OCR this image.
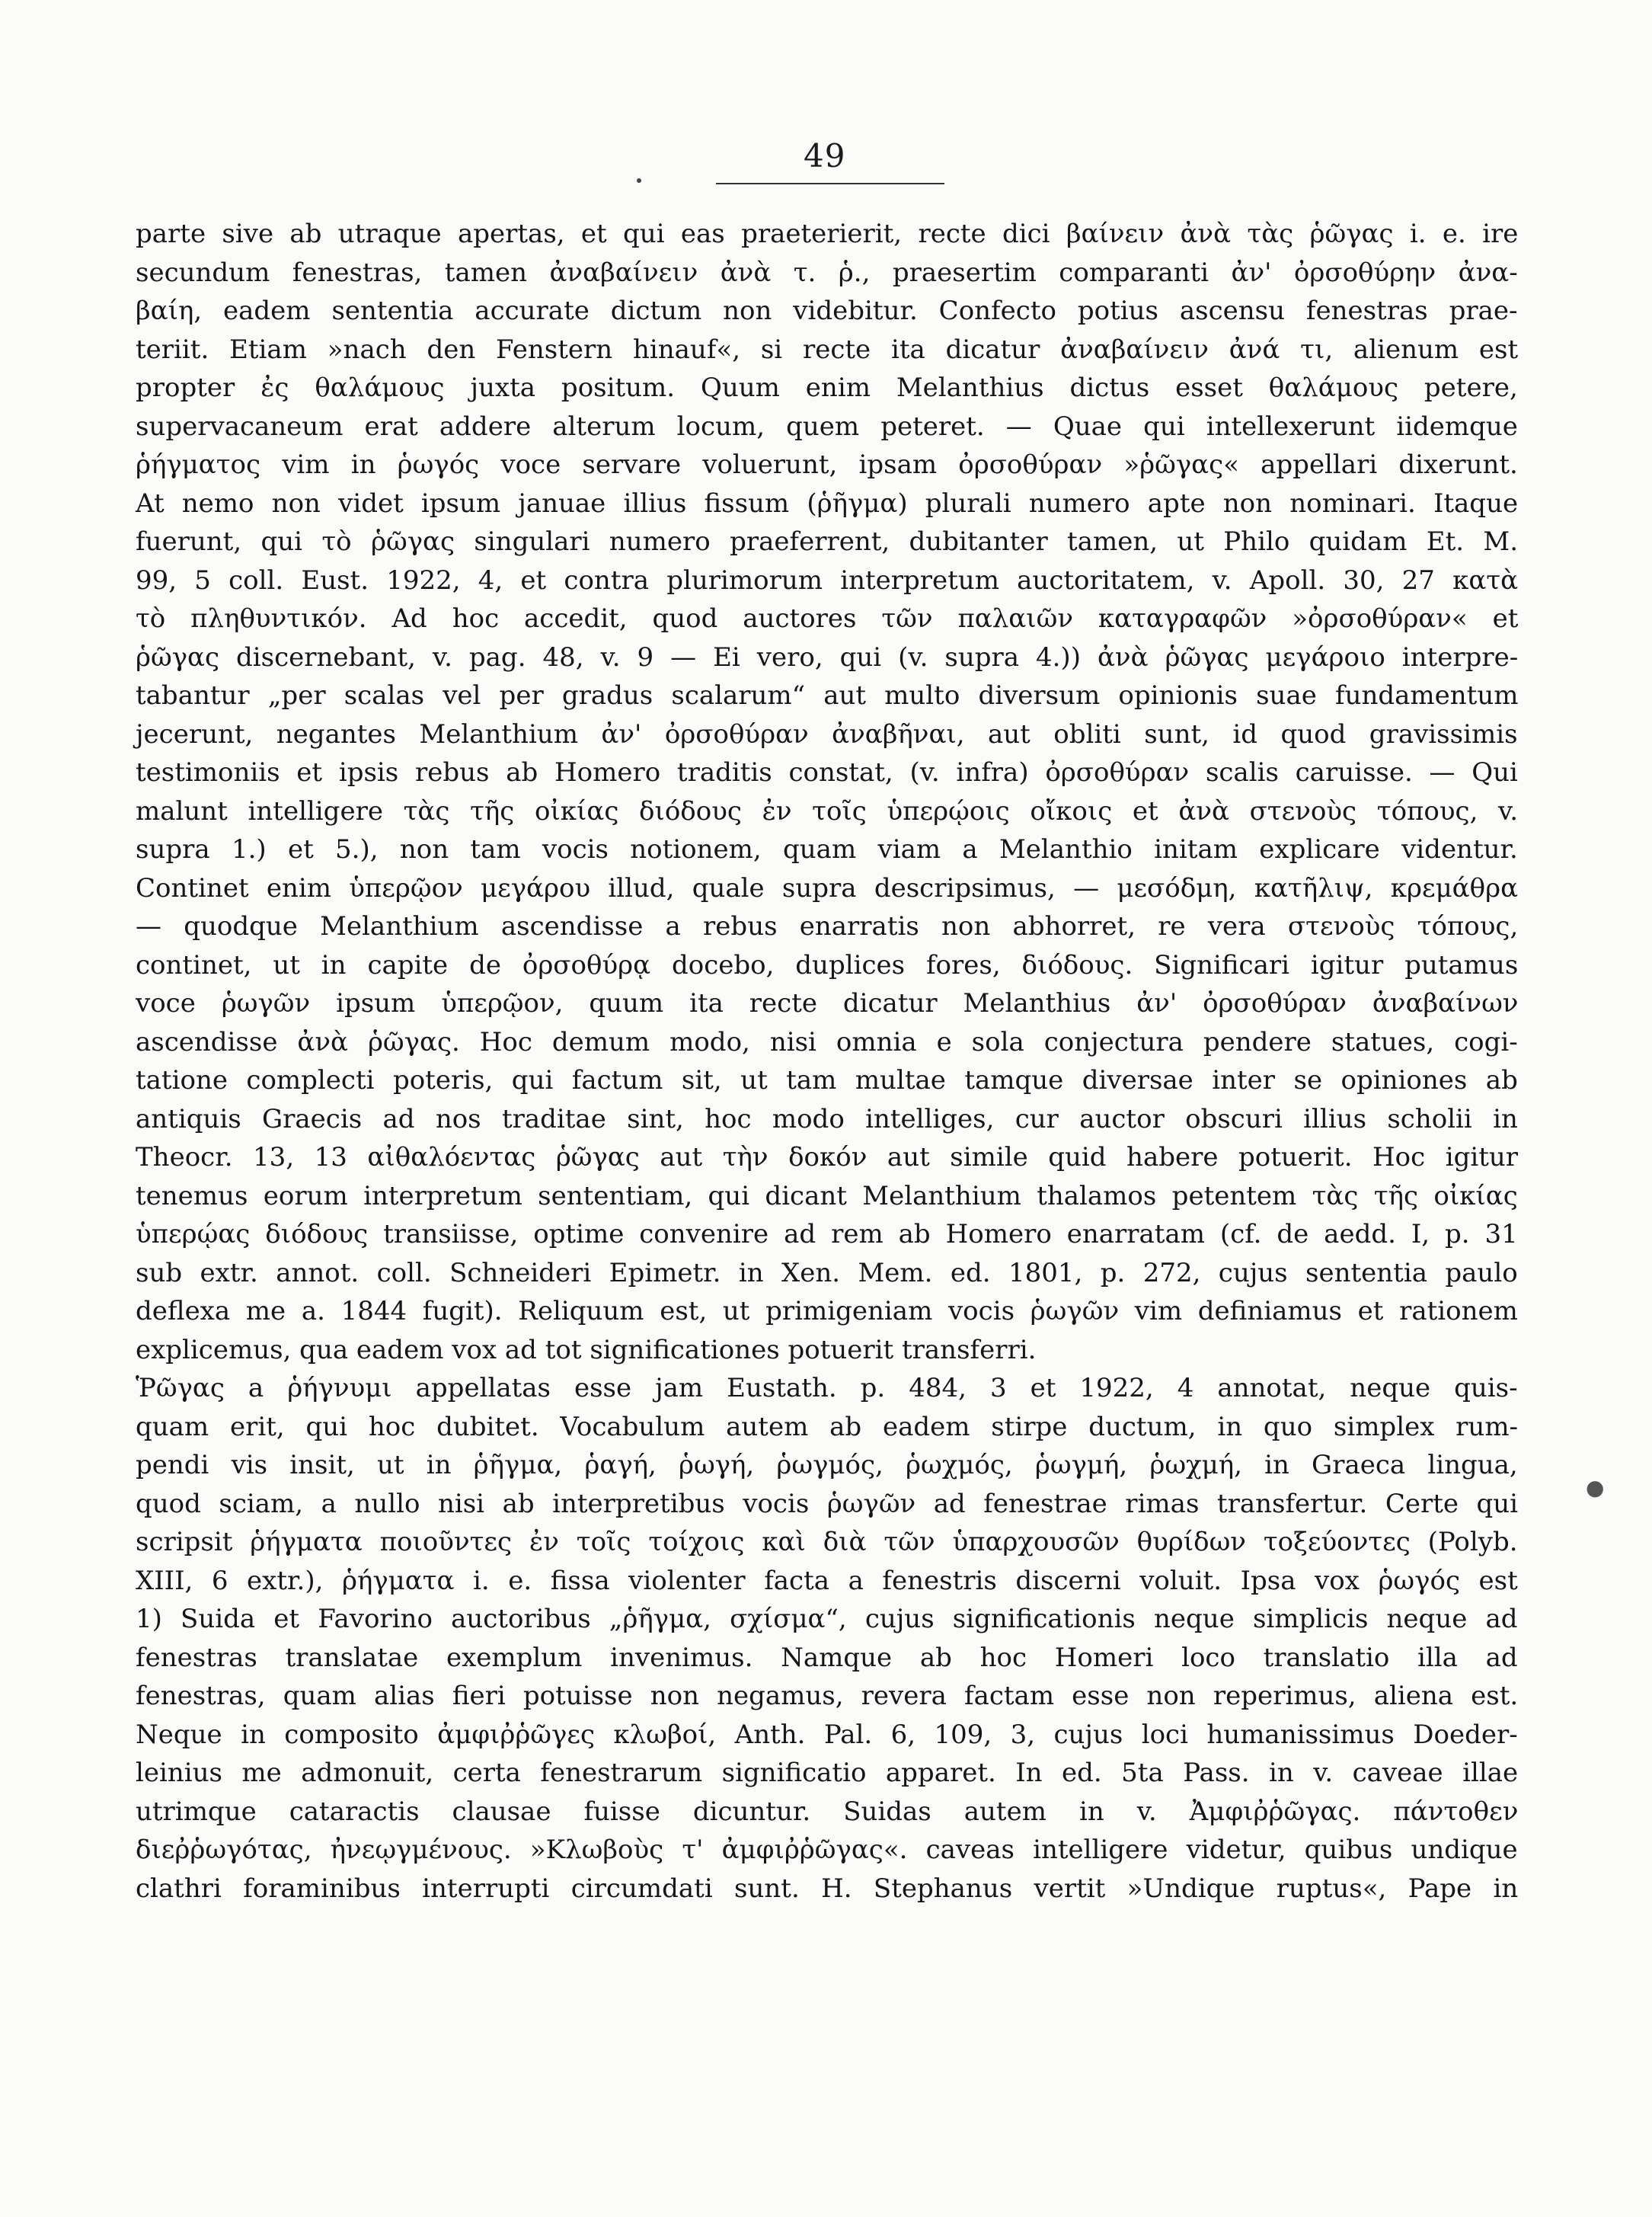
49
parte sive ab utraque apertas, et qui eas praeterierit, recte dici βαίνειν ἀνὰ τὰς ῥῶγας i. e. ire
secundum fenestras, tamen ἀναβαίνειν ἀνὰ τ. ῥ., praesertim comparanti ἀν' ὀρσοθύρην ἀνα-
βαίη, eadem sententia accurate dictum non videbitur. Confecto potius ascensu fenestras prae-
teriit. Etiam »nach den Fenstern hinauf«, si recte ita dicatur ἀναβαίνειν ἀνά τι, alienum est
propter ἐς θαλάμους juxta positum. Quum enim Melanthius dictus esset θαλάμους petere,
supervacaneum erat addere alterum locum, quem peteret. — Quae qui intellexerunt iidemque
ῥήγματος vim in ῥωγός voce servare voluerunt, ipsam ὀρσοθύραν »ῥῶγας« appellari dixerunt.
At nemo non videt ipsum januae illius fissum (ῥῆγμα) plurali numero apte non nominari. Itaque
fuerunt, qui τὸ ῥῶγας singulari numero praeferrent, dubitanter tamen, ut Philo quidam Et. M.
99, 5 coll. Eust. 1922, 4, et contra plurimorum interpretum auctoritatem, v. Apoll. 30, 27 κατὰ
τὸ πληθυντικόν. Ad hoc accedit, quod auctores τῶν παλαιῶν καταγραφῶν »ὀρσοθύραν« et
ῥῶγας discernebant, v. pag. 48, v. 9 — Ei vero, qui (v. supra 4.)) ἀνὰ ῥῶγας μεγάροιο interpre-
tabantur „per scalas vel per gradus scalarum“ aut multo diversum opinionis suae fundamentum
jecerunt, negantes Melanthium ἀν' ὀρσοθύραν ἀναβῆναι, aut obliti sunt, id quod gravissimis
testimoniis et ipsis rebus ab Homero traditis constat, (v. infra) ὀρσοθύραν scalis caruisse. — Qui
malunt intelligere τὰς τῆς οἰκίας διόδους ἐν τοῖς ὑπερῴοις οἴκοις et ἀνὰ στενοὺς τόπους, v.
supra 1.) et 5.), non tam vocis notionem, quam viam a Melanthio initam explicare videntur.
Continet enim ὑπερῷον μεγάρου illud, quale supra descripsimus, — μεσόδμη, κατῆλιψ, κρεμάθρα
— quodque Melanthium ascendisse a rebus enarratis non abhorret, re vera στενοὺς τόπους,
continet, ut in capite de ὀρσοθύρᾳ docebo, duplices fores, διόδους. Significari igitur putamus
voce ῥωγῶν ipsum ὑπερῷον, quum ita recte dicatur Melanthius ἀν' ὀρσοθύραν ἀναβαίνων
ascendisse ἀνὰ ῥῶγας. Hoc demum modo, nisi omnia e sola conjectura pendere statues, cogi-
tatione complecti poteris, qui factum sit, ut tam multae tamque diversae inter se opiniones ab
antiquis Graecis ad nos traditae sint, hoc modo intelliges, cur auctor obscuri illius scholii in
Theocr. 13, 13 αἰθαλόεντας ῥῶγας aut τὴν δοκόν aut simile quid habere potuerit. Hoc igitur
tenemus eorum interpretum sententiam, qui dicant Melanthium thalamos petentem τὰς τῆς οἰκίας
ὑπερῴας διόδους transiisse, optime convenire ad rem ab Homero enarratam (cf. de aedd. I, p. 31
sub extr. annot. coll. Schneideri Epimetr. in Xen. Mem. ed. 1801, p. 272, cujus sententia paulo
deflexa me a. 1844 fugit). Reliquum est, ut primigeniam vocis ῥωγῶν vim definiamus et rationem
explicemus, qua eadem vox ad tot significationes potuerit transferri.
Ῥῶγας a ῥήγνυμι appellatas esse jam Eustath. p. 484, 3 et 1922, 4 annotat, neque quis-
quam erit, qui hoc dubitet. Vocabulum autem ab eadem stirpe ductum, in quo simplex rum-
pendi vis insit, ut in ῥῆγμα, ῥαγή, ῥωγή, ῥωγμός, ῥωχμός, ῥωγμή, ῥωχμή, in Graeca lingua,
quod sciam, a nullo nisi ab interpretibus vocis ῥωγῶν ad fenestrae rimas transfertur. Certe qui
scripsit ῥήγματα ποιοῦντες ἐν τοῖς τοίχοις καὶ διὰ τῶν ὑπαρχουσῶν θυρίδων τοξεύοντες (Polyb.
XIII, 6 extr.), ῥήγματα i. e. fissa violenter facta a fenestris discerni voluit. Ipsa vox ῥωγός est
1) Suida et Favorino auctoribus „ῥῆγμα, σχίσμα“, cujus significationis neque simplicis neque ad
fenestras translatae exemplum invenimus. Namque ab hoc Homeri loco translatio illa ad
fenestras, quam alias fieri potuisse non negamus, revera factam esse non reperimus, aliena est.
Neque in composito ἀμφιῤῥῶγες κλωβοί, Anth. Pal. 6, 109, 3, cujus loci humanissimus Doeder-
leinius me admonuit, certa fenestrarum significatio apparet. In ed. 5ta Pass. in v. caveae illae
utrimque cataractis clausae fuisse dicuntur. Suidas autem in v. Ἀμφιῤῥῶγας. πάντοθεν
διεῤῥωγότας, ἠνεῳγμένους. »Κλωβοὺς τ' ἀμφιῤῥῶγας«. caveas intelligere videtur, quibus undique
clathri foraminibus interrupti circumdati sunt. H. Stephanus vertit »Undique ruptus«, Pape in
●
